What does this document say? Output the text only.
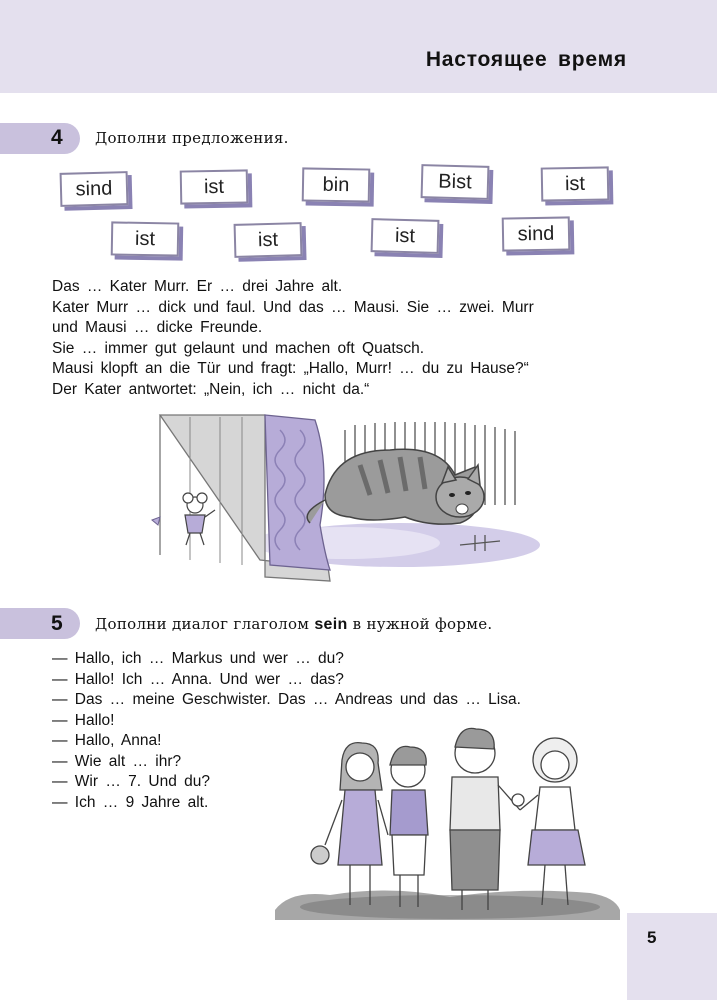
Настоящее время
4 Дополни предложения.
sind	ist	bin	Bist	ist
ist	ist	ist	sind
Das … Kater Murr. Er … drei Jahre alt.
Kater Murr … dick und faul. Und das … Mausi. Sie … zwei. Murr
und Mausi … dicke Freunde.
Sie … immer gut gelaunt und machen oft Quatsch.
Mausi klopft an die Tür und fragt: „Hallo, Murr! … du zu Hause?“
Der Kater antwortet: „Nein, ich … nicht da.“
5 Дополни диалог глаголом sein в нужной форме.
— Hallo, ich … Markus und wer … du?
— Hallo! Ich … Anna. Und wer … das?
— Das … meine Geschwister. Das … Andreas und das … Lisa.
— Hallo!
— Hallo, Anna!
— Wie alt … ihr?
— Wir … 7. Und du?
— Ich … 9 Jahre alt.
5
